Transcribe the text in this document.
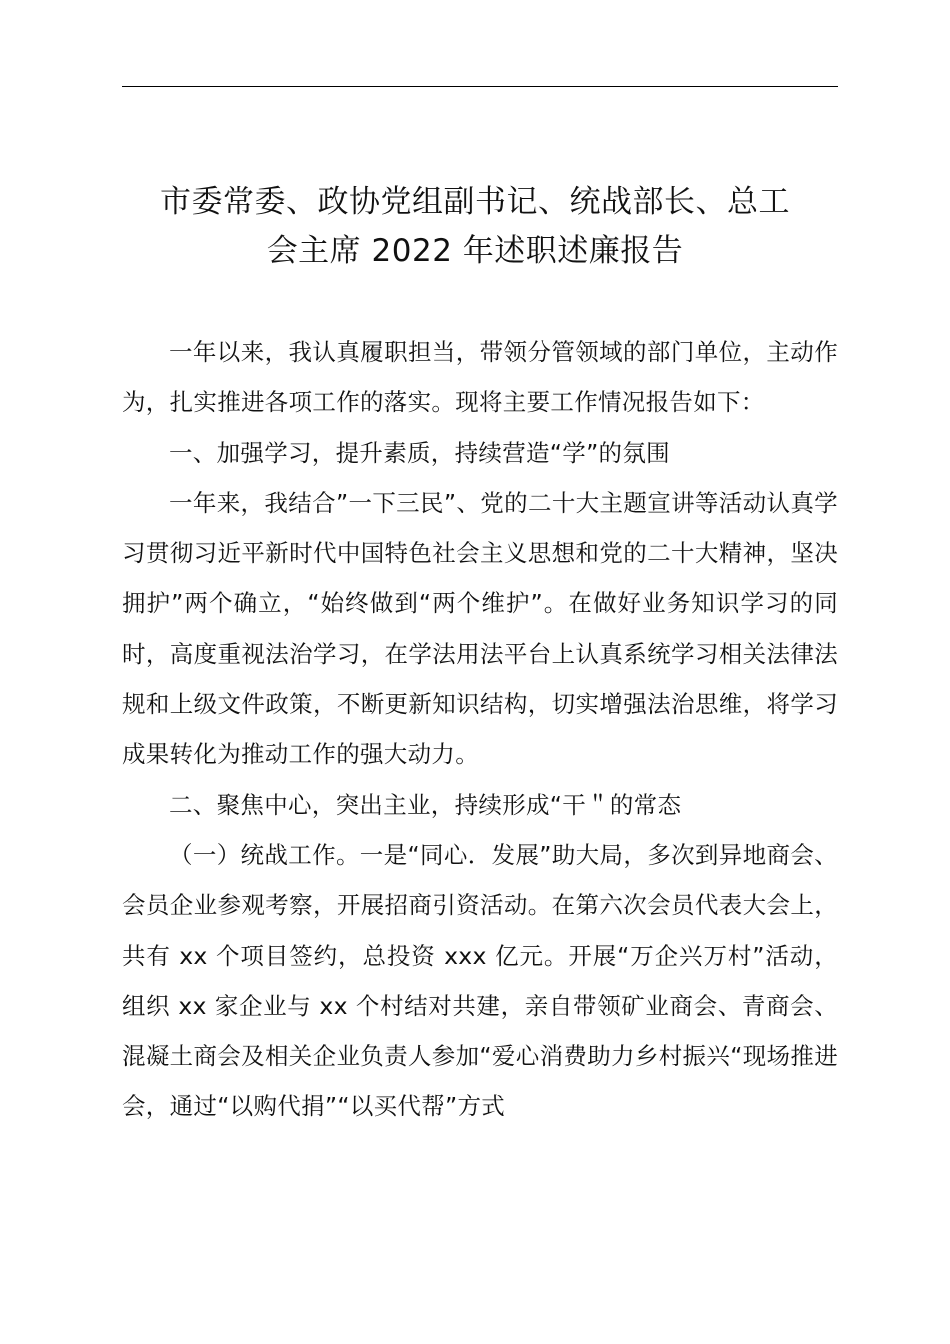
市委常委、政协党组副书记、统战部长、总工
会主席 2022 年述职述廉报告

一年以来，我认真履职担当，带领分管领域的部门单位，主动作为，扎实推进各项工作的落实。现将主要工作情况报告如下：

一、加强学习，提升素质，持续营造“学”的氛围

一年来，我结合”一下三民”、党的二十大主题宣讲等活动认真学习贯彻习近平新时代中国特色社会主义思想和党的二十大精神，坚决拥护”两个确立，“始终做到“两个维护”。在做好业务知识学习的同时，高度重视法治学习，在学法用法平台上认真系统学习相关法律法规和上级文件政策，不断更新知识结构，切实增强法治思维，将学习成果转化为推动工作的强大动力。

二、聚焦中心，突出主业，持续形成“干＂的常态

（一）统战工作。一是“同心．发展”助大局，多次到异地商会、会员企业参观考察，开展招商引资活动。在第六次会员代表大会上，共有 xx 个项目签约，总投资 xxx 亿元。开展“万企兴万村”活动，组织 xx 家企业与 xx 个村结对共建，亲自带领矿业商会、青商会、混凝土商会及相关企业负责人参加“爱心消费助力乡村振兴“现场推进会，通过“以购代捐”“以买代帮”方式
